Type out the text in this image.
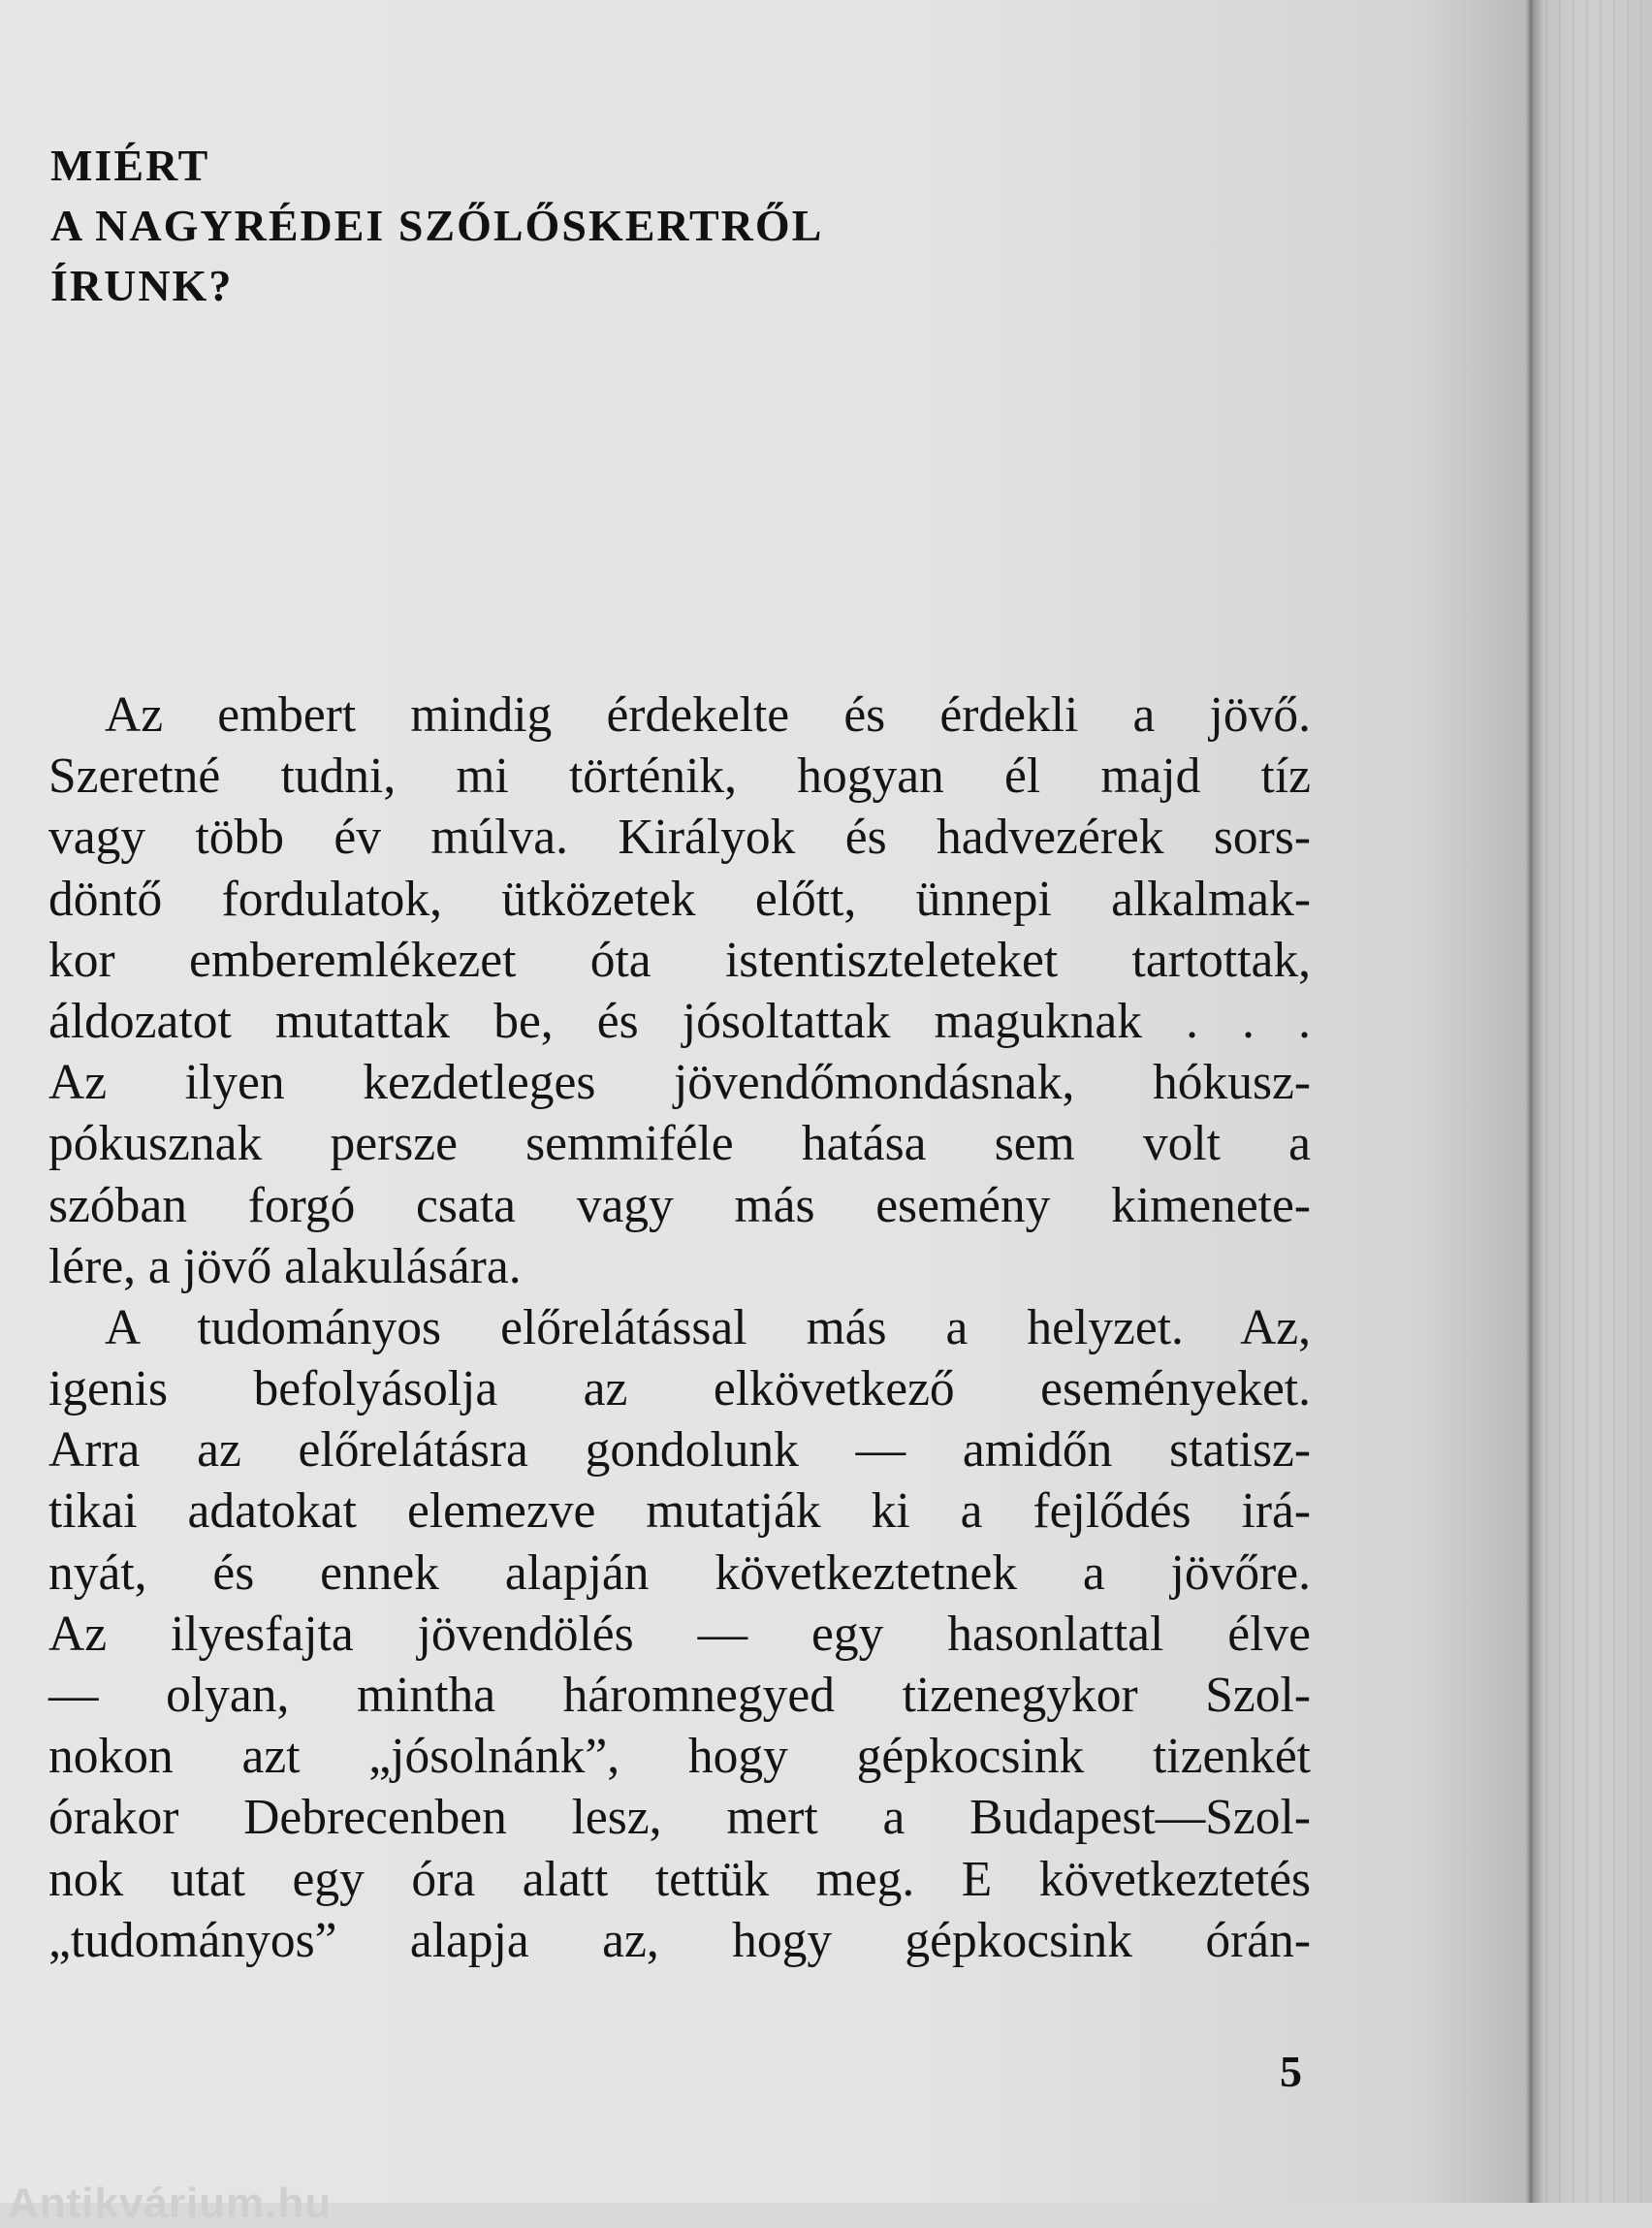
MIÉRT
A NAGYRÉDEI SZŐLŐSKERTRŐL
ÍRUNK?
Az embert mindig érdekelte és érdekli a jövő.
Szeretné tudni, mi történik, hogyan él majd tíz
vagy több év múlva. Királyok és hadvezérek sors-
döntő fordulatok, ütközetek előtt, ünnepi alkalmak-
kor emberemlékezet óta istentiszteleteket tartottak,
áldozatot mutattak be, és jósoltattak maguknak . . .
Az ilyen kezdetleges jövendőmondásnak, hókusz-
pókusznak persze semmiféle hatása sem volt a
szóban forgó csata vagy más esemény kimenete-
lére, a jövő alakulására.
A tudományos előrelátással más a helyzet. Az,
igenis befolyásolja az elkövetkező eseményeket.
Arra az előrelátásra gondolunk — amidőn statisz-
tikai adatokat elemezve mutatják ki a fejlődés irá-
nyát, és ennek alapján következtetnek a jövőre.
Az ilyesfajta jövendölés — egy hasonlattal élve
— olyan, mintha háromnegyed tizenegykor Szol-
nokon azt „jósolnánk”, hogy gépkocsink tizenkét
órakor Debrecenben lesz, mert a Budapest—Szol-
nok utat egy óra alatt tettük meg. E következtetés
„tudományos” alapja az, hogy gépkocsink órán-
5
Antikvárium.hu
